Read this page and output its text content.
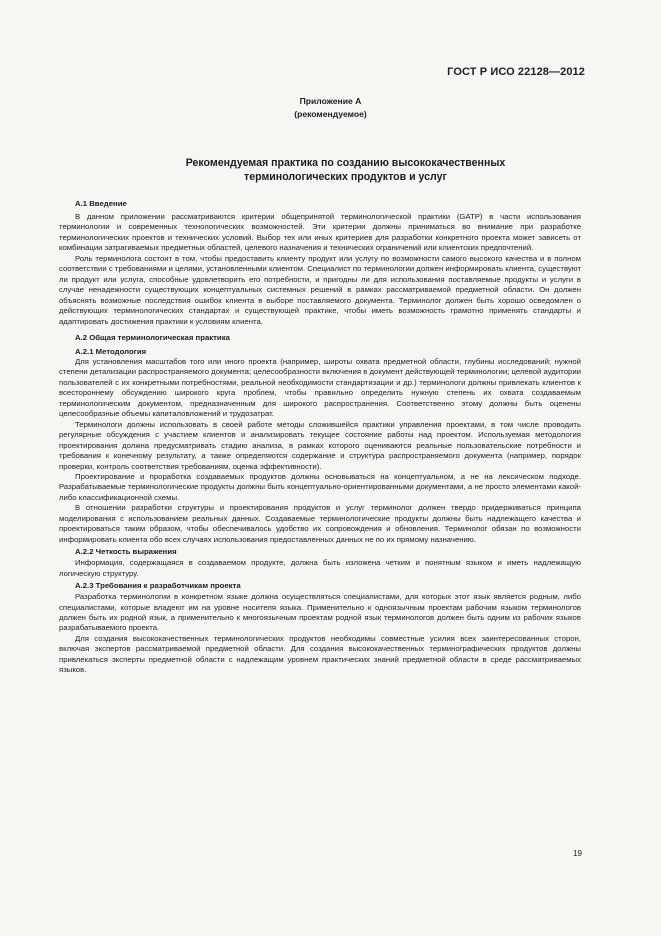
ГОСТ Р ИСО 22128—2012
Приложение А
(рекомендуемое)
Рекомендуемая практика по созданию высококачественных
терминологических продуктов и услуг
А.1 Введение

В данном приложении рассматриваются критерии общепринятой терминологической практики (GATP) в части использования терминологии и современных технологических возможностей. Эти критерии должны приниматься во внимание при разработке терминологических проектов и технических условий. Выбор тех или иных критериев для разработки конкретного проекта может зависеть от комбинации затрагиваемых предметных областей, целевого назначения и технических ограничений или клиентских предпочтений.

Роль терминолога состоит в том, чтобы предоставить клиенту продукт или услугу по возможности самого высокого качества и в полном соответствии с требованиями и целями, установленными клиентом. Специалист по терминологии должен информировать клиента, существуют ли продукт или услуга, способные удовлетворить его потребности, и пригодны ли для использования поставляемые продукты и услуги в случае ненадежности существующих концептуальных системных решений в рамках рассматриваемой предметной области. Он должен объяснять возможные последствия ошибок клиента в выборе поставляемого документа. Терминолог должен быть хорошо осведомлен о действующих терминологических стандартах и существующей практике, чтобы иметь возможность грамотно применять стандарты и адаптировать достижения практики к условиям клиента.

А.2 Общая терминологическая практика
А.2.1 Методология

Для установления масштабов того или иного проекта (например, широты охвата предметной области, глубины исследований; нужной степени детализации распространяемого документа; целесообразности включения в документ действующей терминологии; целевой аудитории пользователей с их конкретными потребностями, реальной необходимости стандартизации и др.) терминологи должны привлекать клиентов к всестороннему обсуждению широкого круга проблем, чтобы правильно определить нужную степень их охвата создаваемым терминологическим документом, предназначенным для широкого распространения. Соответственно этому должны быть оценены целесообразные объемы капиталовложений и трудозатрат.

Терминологи должны использовать в своей работе методы сложившейся практики управления проектами, в том числе проводить регулярные обсуждения с участием клиентов и анализировать текущее состояние работы над проектом. Используемая методология проектирования должна предусматривать стадию анализа, в рамках которого оцениваются реальные пользовательские потребности и требования к конечному результату, а также определяются содержание и структура распространяемого документа (например, порядок проверки, контроль соответствия требованиям, оценка эффективности).

Проектирование и проработка создаваемых продуктов должны основываться на концептуальном, а не на лексическом подходе. Разрабатываемые терминологические продукты должны быть концептуально-ориентированными документами, а не просто элементами какой-либо классификационной схемы.

В отношении разработки структуры и проектирования продуктов и услуг терминолог должен твердо придерживаться принципа моделирования с использованием реальных данных. Создаваемые терминологические продукты должны быть надлежащего качества и проектироваться таким образом, чтобы обеспечивалось удобство их сопровождения и обновления. Терминолог обязан по возможности информировать клиента обо всех случаях использования предоставленных данных не по их прямому назначению.

А.2.2 Четкость выражения

Информация, содержащаяся в создаваемом продукте, должна быть изложена четким и понятным языком и иметь надлежащую логическую структуру.

А.2.3 Требования к разработчикам проекта

Разработка терминологии в конкретном языке должна осуществляться специалистами, для которых этот язык является родным, либо специалистами, которые владеют им на уровне носителя языка. Применительно к одноязычным проектам рабочим языком терминологов должен быть их родной язык, а применительно к многоязычным проектам родной язык терминологов должен быть одним из рабочих языков разрабатываемого проекта.

Для создания высококачественных терминологических продуктов необходимы совместные усилия всех заинтересованных сторон, включая экспертов рассматриваемой предметной области. Для создания высококачественных терминографических продуктов должны привлекаться эксперты предметной области с надлежащим уровнем практических знаний предметной области в среде рассматриваемых языков.

19
